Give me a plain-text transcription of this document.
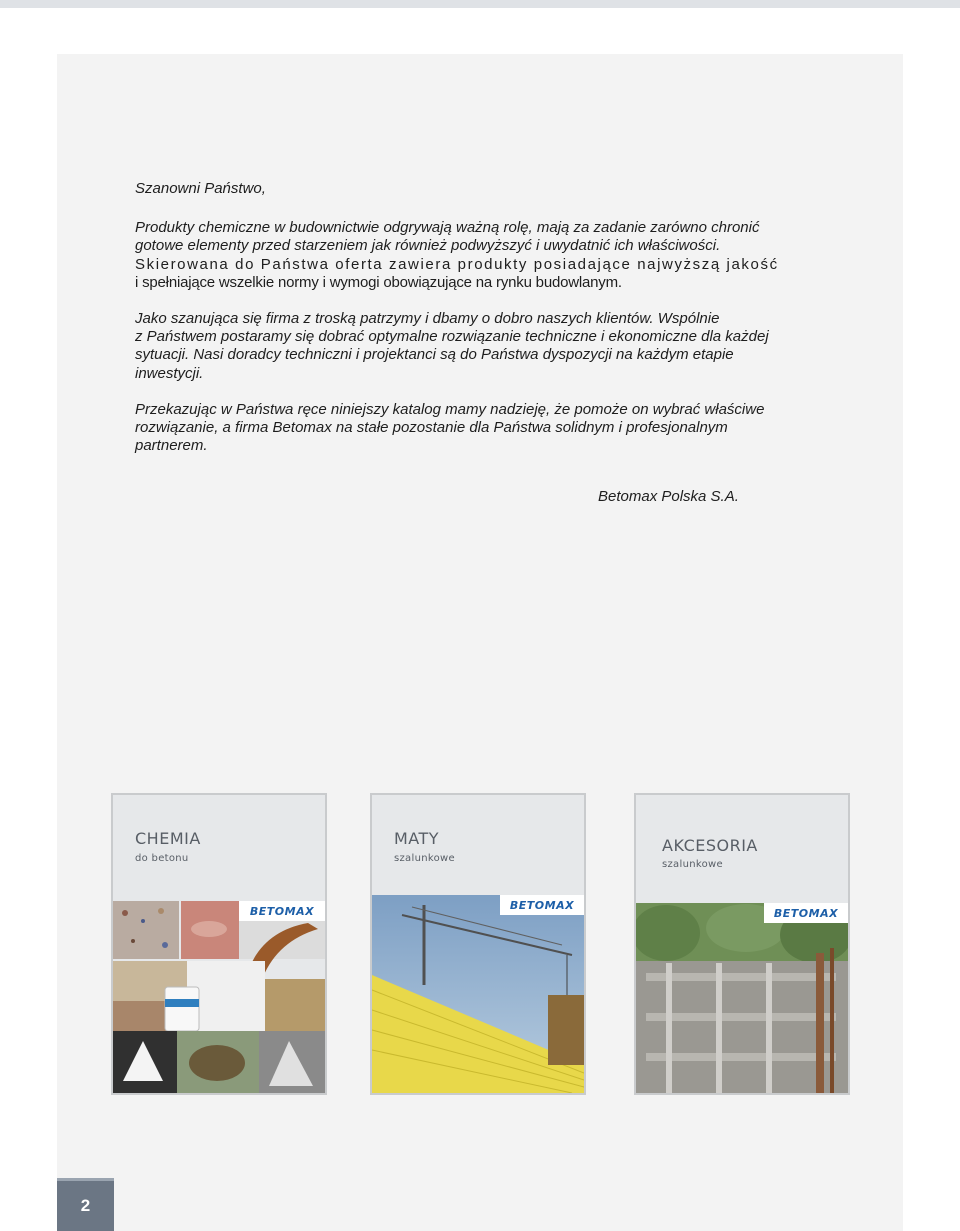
Szanowni Państwo,

Produkty chemiczne w budownictwie odgrywają ważną rolę, mają za zadanie zarówno chronić
gotowe elementy przed starzeniem jak również podwyższyć i uwydatnić ich właściwości.
Skierowana do Państwa oferta zawiera produkty posiadające najwyższą jakość
i spełniające wszelkie normy i wymogi obowiązujące na rynku budowlanym.

Jako szanująca się firma z troską patrzymy i dbamy o dobro naszych klientów. Wspólnie
z Państwem postaramy się dobrać optymalne rozwiązanie techniczne i ekonomiczne dla każdej
sytuacji. Nasi doradcy techniczni i projektanci są do Państwa dyspozycji na każdym etapie
inwestycji.

Przekazując w Państwa ręce niniejszy katalog mamy nadzieję, że pomoże on wybrać właściwe
rozwiązanie, a firma Betomax na stałe pozostanie dla Państwa solidnym i profesjonalnym
partnerem.

Betomax Polska S.A.
CHEMIA
do betonu
BETOMAX
MATY
szalunkowe
BETOMAX
AKCESORIA
szalunkowe
BETOMAX
2
